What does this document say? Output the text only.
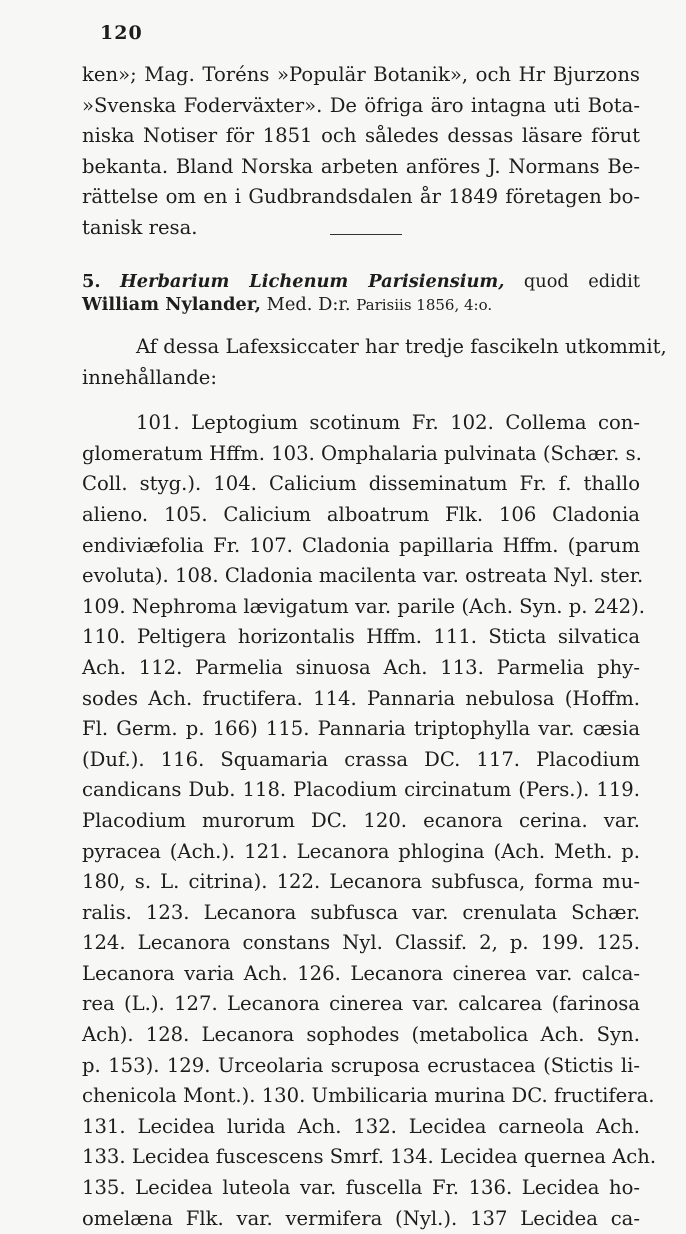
120
ken»; Mag. Toréns »Populär Botanik», och Hr Bjurzons
»Svenska Foderväxter». De öfriga äro intagna uti Bota-
niska Notiser för 1851 och således dessas läsare förut
bekanta. Bland Norska arbeten anföres J. Normans Be-
rättelse om en i Gudbrandsdalen år 1849 företagen bo-
tanisk resa.
5. Herbarium Lichenum Parisiensium, quod edidit
William Nylander, Med. D:r. Parisiis 1856, 4:o.
Af dessa Lafexsiccater har tredje fascikeln utkommit,
innehållande:
101. Leptogium scotinum Fr. 102. Collema con-
glomeratum Hffm. 103. Omphalaria pulvinata (Schær. s.
Coll. styg.). 104. Calicium disseminatum Fr. f. thallo
alieno. 105. Calicium alboatrum Flk. 106 Cladonia
endiviæfolia Fr. 107. Cladonia papillaria Hffm. (parum
evoluta). 108. Cladonia macilenta var. ostreata Nyl. ster.
109. Nephroma lævigatum var. parile (Ach. Syn. p. 242).
110. Peltigera horizontalis Hffm. 111. Sticta silvatica
Ach. 112. Parmelia sinuosa Ach. 113. Parmelia phy-
sodes Ach. fructifera. 114. Pannaria nebulosa (Hoffm.
Fl. Germ. p. 166) 115. Pannaria triptophylla var. cæsia
(Duf.). 116. Squamaria crassa DC. 117. Placodium
candicans Dub. 118. Placodium circinatum (Pers.). 119.
Placodium murorum DC. 120. ecanora cerina. var.
pyracea (Ach.). 121. Lecanora phlogina (Ach. Meth. p.
180, s. L. citrina). 122. Lecanora subfusca, forma mu-
ralis. 123. Lecanora subfusca var. crenulata Schær.
124. Lecanora constans Nyl. Classif. 2, p. 199. 125.
Lecanora varia Ach. 126. Lecanora cinerea var. calca-
rea (L.). 127. Lecanora cinerea var. calcarea (farinosa
Ach). 128. Lecanora sophodes (metabolica Ach. Syn.
p. 153). 129. Urceolaria scruposa ecrustacea (Stictis li-
chenicola Mont.). 130. Umbilicaria murina DC. fructifera.
131. Lecidea lurida Ach. 132. Lecidea carneola Ach.
133. Lecidea fuscescens Smrf. 134. Lecidea quernea Ach.
135. Lecidea luteola var. fuscella Fr. 136. Lecidea ho-
omelæna Flk. var. vermifera (Nyl.). 137 Lecidea ca-
